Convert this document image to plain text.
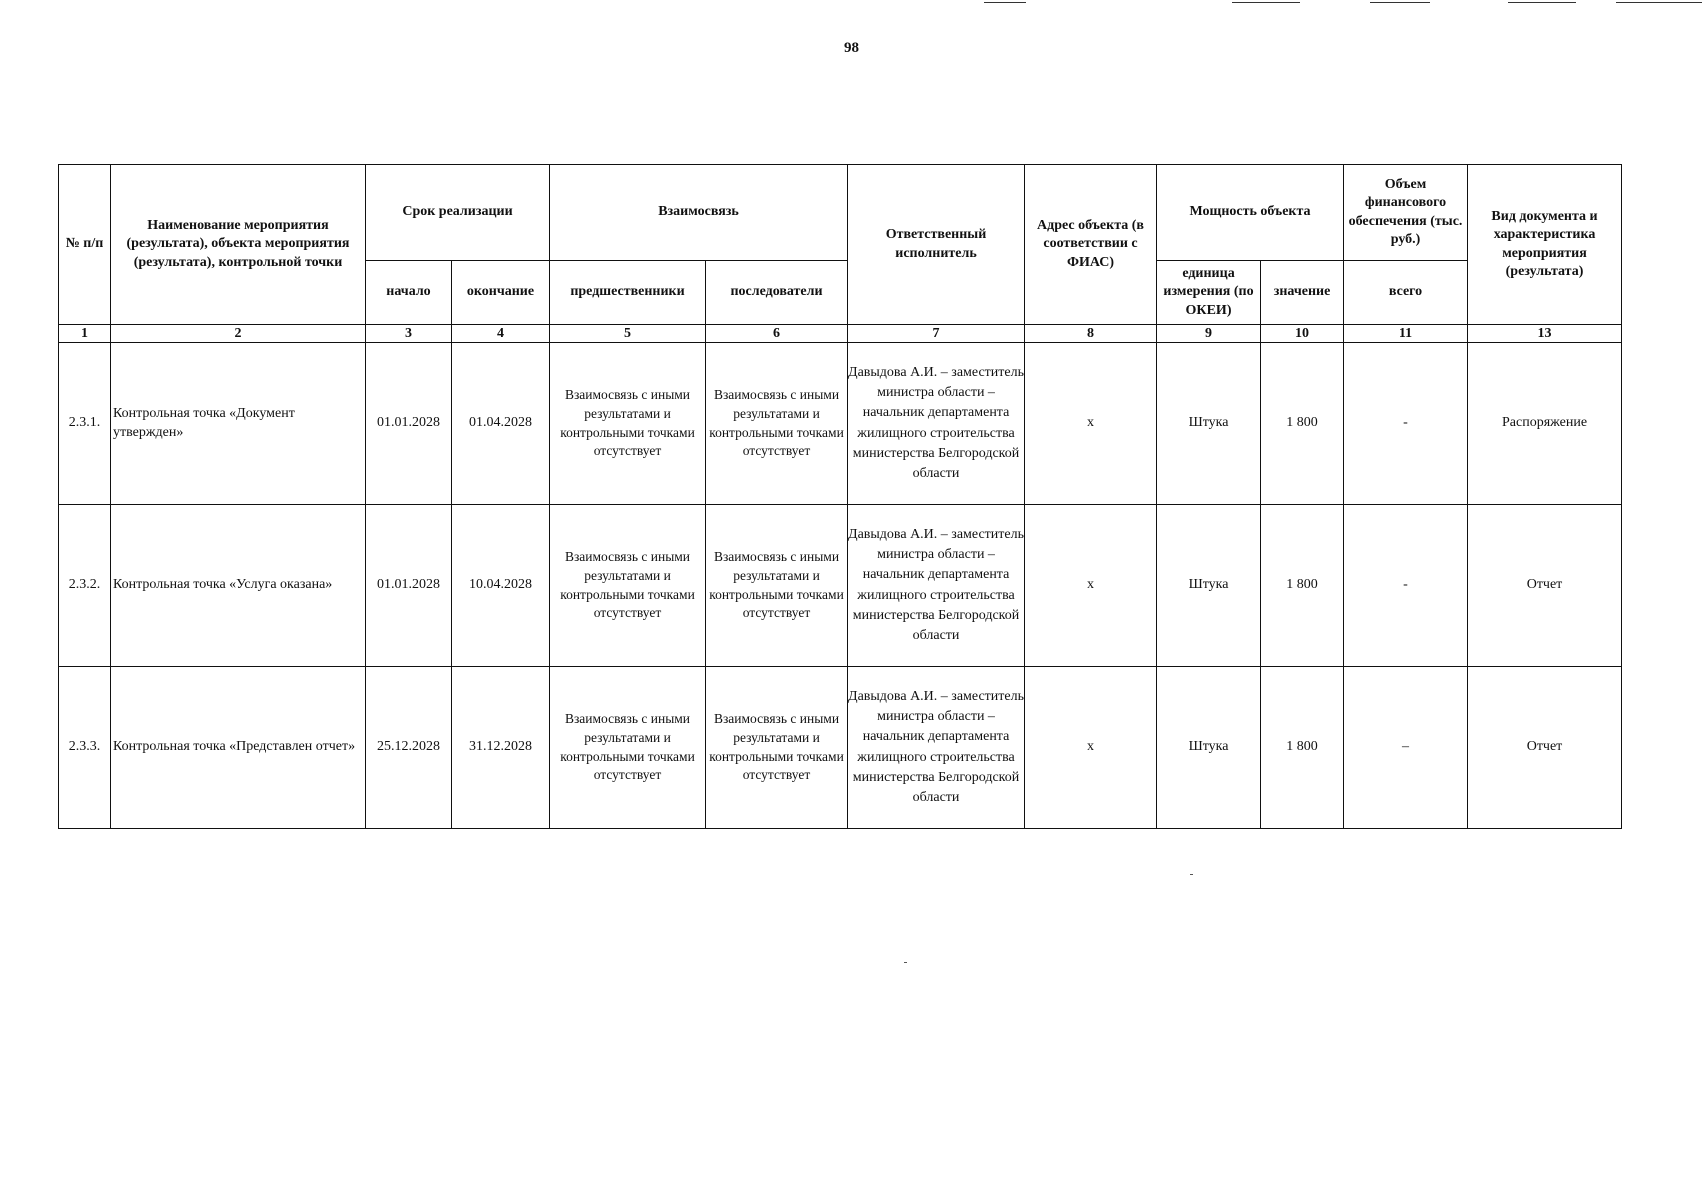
98
№ п/п	Наименование мероприятия (результата), объекта мероприятия (результата), контрольной точки	Срок реализации		Взаимосвязь		Ответственный исполнитель	Адрес объекта (в соответствии с ФИАС)	Мощность объекта		Объем финансового обеспечения (тыс. руб.)	Вид документа и характеристика мероприятия (результата)
		начало	окончание	предшественники	последователи			единица измерения (по ОКЕИ)	значение	всего	
1	2	3	4	5	6	7	8	9	10	11	13
2.3.1.	Контрольная точка «Документ утвержден»	01.01.2028	01.04.2028	Взаимосвязь с иными результатами и контрольными точками отсутствует	Взаимосвязь с иными результатами и контрольными точками отсутствует	Давыдова А.И. – заместитель министра области – начальник департамента жилищного строительства министерства Белгородской области	x	Штука	1 800	-	Распоряжение
2.3.2.	Контрольная точка «Услуга оказана»	01.01.2028	10.04.2028	Взаимосвязь с иными результатами и контрольными точками отсутствует	Взаимосвязь с иными результатами и контрольными точками отсутствует	Давыдова А.И. – заместитель министра области – начальник департамента жилищного строительства министерства Белгородской области	x	Штука	1 800	-	Отчет
2.3.3.	Контрольная точка «Представлен отчет»	25.12.2028	31.12.2028	Взаимосвязь с иными результатами и контрольными точками отсутствует	Взаимосвязь с иными результатами и контрольными точками отсутствует	Давыдова А.И. – заместитель министра области – начальник департамента жилищного строительства министерства Белгородской области	x	Штука	1 800	–	Отчет
